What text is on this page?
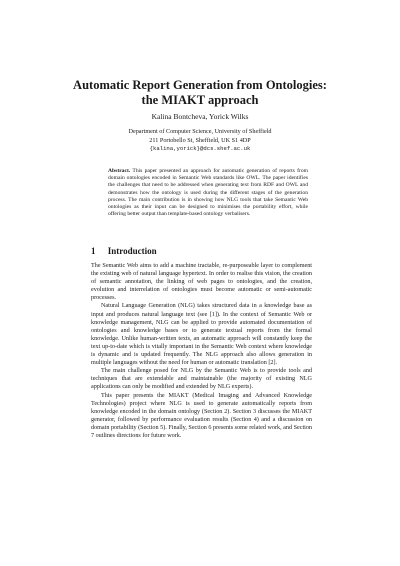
Automatic Report Generation from Ontologies:
the MIAKT approach
Kalina Bontcheva, Yorick Wilks
Department of Computer Science, University of Sheffield
211 Portobello St, Sheffield, UK S1 4DP
{kalina,yorick}@dcs.shef.ac.uk
Abstract. This paper presented an approach for automatic generation of reports from domain ontologies encoded in Semantic Web standards like OWL. The paper identifies the challenges that need to be addressed when generating text from RDF and OWL and demonstrates how the ontology is used during the different stages of the generation process. The main contribution is in showing how NLG tools that take Semantic Web ontologies as their input can be designed to minimises the portability effort, while offering better output than template-based ontology verbalisers.
1 Introduction

The Semantic Web aims to add a machine tractable, re-purposeable layer to complement the existing web of natural language hypertext. In order to realise this vision, the creation of semantic annotation, the linking of web pages to ontologies, and the creation, evolution and interrelation of ontologies must become automatic or semi-automatic processes.

Natural Language Generation (NLG) takes structured data in a knowledge base as input and produces natural language text (see [1]). In the context of Semantic Web or knowledge management, NLG can be applied to provide automated documentation of ontologies and knowledge bases or to generate textual reports from the formal knowledge. Unlike human-written texts, an automatic approach will constantly keep the text up-to-date which is vitally important in the Semantic Web context where knowledge is dynamic and is updated frequently. The NLG approach also allows generation in multiple languages without the need for human or automatic translation [2].

The main challenge posed for NLG by the Semantic Web is to provide tools and techniques that are extendable and maintainable (the majority of existing NLG applications can only be modified and extended by NLG experts).

This paper presents the MIAKT (Medical Imaging and Advanced Knowledge Technologies) project where NLG is used to generate automatically reports from knowledge encoded in the domain ontology (Section 2). Section 3 discusses the MIAKT generator, followed by performance evaluation results (Section 4) and a discussion on domain portability (Section 5). Finally, Section 6 presents some related work, and Section 7 outlines directions for future work.
